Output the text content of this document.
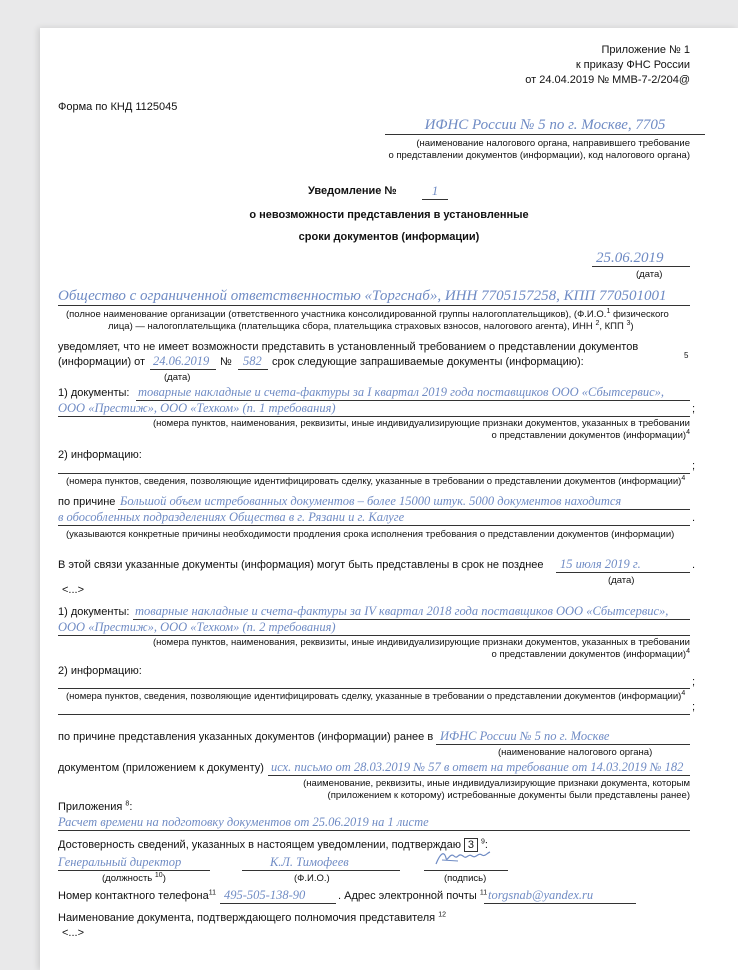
Приложение № 1
к приказу ФНС России
от 24.04.2019 № ММВ-7-2/204@
Форма по КНД 1125045
ИФНС России № 5 по г. Москве, 7705
(наименование налогового органа, направившего требование
о представлении документов (информации), код налогового органа)
Уведомление №	1
о невозможности представления в установленные
сроки документов (информации)
25.06.2019
(дата)
Общество с ограниченной ответственностью «Торгснаб», ИНН 7705157258, КПП 770501001
(полное наименование организации (ответственного участника консолидированной группы налогоплательщиков), (Ф.И.О.$^1$ физического
лица) — налогоплательщика (плательщика сбора, плательщика страховых взносов, налогового агента), ИНН $^2$, КПП $^3$)
уведомляет, что не имеет возможности представить в установленный требованием о представлении документов
(информации) от 24.06.2019 № 582 срок следующие запрашиваемые документы (информацию):
5
(дата)
1) документы: товарные накладные и счета-фактуры за I квартал 2019 года поставщиков ООО «Сбытсервис»,
ООО «Престиж», ООО «Техком» (п. 1 требования)	;
(номера пунктов, наименования, реквизиты, иные индивидуализирующие признаки документов, указанных в требовании
о представлении документов (информации)$^4$
2) информацию:
;
(номера пунктов, сведения, позволяющие идентифицировать сделку, указанные в требовании о представлении документов (информации)$^4$
по причине Большой объем истребованных документов – более 15000 штук. 5000 документов находится
в обособленных подразделениях Общества в г. Рязани и г. Калуге	.
(указываются конкретные причины необходимости продления срока исполнения требования о представлении документов (информации)
В этой связи указанные документы (информация) могут быть представлены в срок не позднее 15 июля 2019 г.	.
(дата)
<...>
1) документы: товарные накладные и счета-фактуры за IV квартал 2018 года поставщиков ООО «Сбытсервис»,
ООО «Престиж», ООО «Техком» (п. 2 требования)
(номера пунктов, наименования, реквизиты, иные индивидуализирующие признаки документов, указанных в требовании
о представлении документов (информации)$^4$
2) информацию:
;
(номера пунктов, сведения, позволяющие идентифицировать сделку, указанные в требовании о представлении документов (информации)$^4$
;
по причине представления указанных документов (информации) ранее в ИФНС России № 5 по г. Москве
(наименование налогового органа)
документом (приложением к документу) исх. письмо от 28.03.2019 № 57 в ответ на требование от 14.03.2019 № 182
(наименование, реквизиты, иные индивидуализирующие признаки документа, которым
(приложением к которому) истребованные документы были представлены ранее)
Приложения $^8$:
Расчет времени на подготовку документов от 25.06.2019 на 1 листе
Достоверность сведений, указанных в настоящем уведомлении, подтверждаю 3 $^9$:
Генеральный директор
(должность $^{10}$)
К.Л. Тимофеев
(Ф.И.О.)	(подпись)
Номер контактного телефона$^{11}$ 495-505-138-90	. Адрес электронной почты $^{11}$ torgsnab@yandex.ru
Наименование документа, подтверждающего полномочия представителя $^{12}$
<...>
